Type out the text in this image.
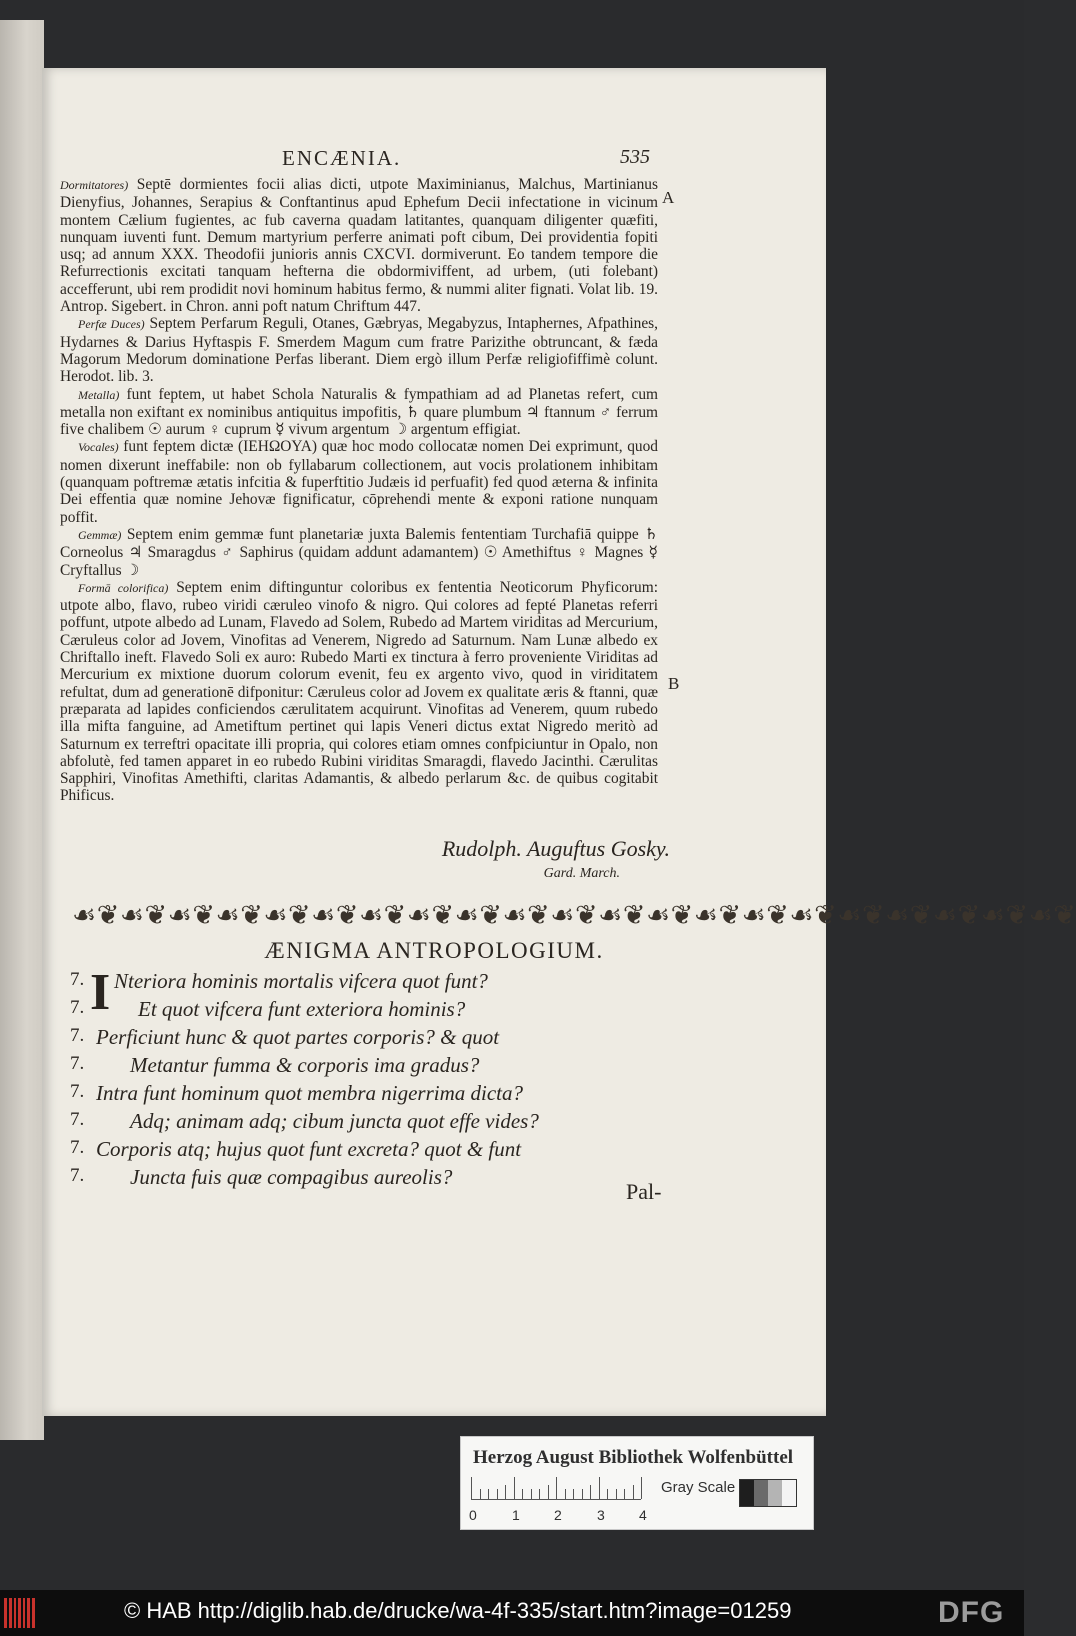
ENCÆNIA.	535

Dormitatores) Septē dormientes focii alias dicti, utpote Maximinianus, Malchus, Martinianus Dienyfius, Johannes, Serapius & Conftantinus apud Ephefum Decii infectatione in vicinum montem Cælium fugientes, ac fub caverna quadam latitantes, quanquam diligenter quæfiti, nunquam iuventi funt. Demum martyrium perferre animati poft cibum, Dei providentia fopiti usq; ad annum XXX. Theodofii junioris annis CXCVI. dormiverunt. Eo tandem tempore die Refurrectionis excitati tanquam hefterna die obdormiviffent, ad urbem, (uti folebant) accefferunt, ubi rem prodidit novi hominum habitus fermo, & nummi aliter fignati. Volat lib. 19. Antrop. Sigebert. in Chron. anni poft natum Chriftum 447.

Perfæ Duces) Septem Perfarum Reguli, Otanes, Gæbryas, Megabyzus, Intaphernes, Afpathines, Hydarnes & Darius Hyftaspis F. Smerdem Magum cum fratre Parizithe obtruncant, & fæda Magorum Medorum dominatione Perfas liberant. Diem ergò illum Perfæ religiofiffimè colunt. Herodot. lib. 3.

Metalla) funt feptem, ut habet Schola Naturalis & fympathiam ad ad Planetas refert, cum metalla non exiftant ex nominibus antiquitus impofitis, ♄ quare plumbum ♃ ftannum ♂ ferrum five chalibem ☉ aurum ♀ cuprum ☿ vivum argentum ☽ argentum effigiat.

Vocales) funt feptem dictæ (IEHΩOYA) quæ hoc modo collocatæ nomen Dei exprimunt, quod nomen dixerunt ineffabile: non ob fyllabarum collectionem, aut vocis prolationem inhibitam (quanquam poftremæ ætatis infcitia & fuperftitio Judæis id perfuafit) fed quod æterna & infinita Dei effentia quæ nomine Jehovæ fignificatur, cōprehendi mente & exponi ratione nunquam poffit.

Gemmæ) Septem enim gemmæ funt planetariæ juxta Balemis fententiam Turchafiā quippe ♄ Corneolus ♃ Smaragdus ♂ Saphirus (quidam addunt adamantem) ☉ Amethiftus ♀ Magnes ☿ Cryftallus ☽

Formā colorifica) Septem enim diftinguntur coloribus ex fententia Neoticorum Phyficorum: utpote albo, flavo, rubeo viridi cæruleo vinofo & nigro. Qui colores ad fepté Planetas referri poffunt, utpote albedo ad Lunam, Flavedo ad Solem, Rubedo ad Martem viriditas ad Mercurium, Cæruleus color ad Jovem, Vinofitas ad Venerem, Nigredo ad Saturnum. Nam Lunæ albedo ex Chriftallo ineft. Flavedo Soli ex auro: Rubedo Marti ex tinctura à ferro proveniente Viriditas ad Mercurium ex mixtione duorum colorum evenit, feu ex argento vivo, quod in viriditatem refultat, dum ad generationē difponitur: Cæruleus color ad Jovem ex qualitate æris & ftanni, quæ præparata ad lapides conficiendos cærulitatem acquirunt. Vinofitas ad Venerem, quum rubedo illa mifta fanguine, ad Ametiftum pertinet qui lapis Veneri dictus extat Nigredo meritò ad Saturnum ex terreftri opacitate illi propria, qui colores etiam omnes confpiciuntur in Opalo, non abfolutè, fed tamen apparet in eo rubedo Rubini viriditas Smaragdi, flavedo Jacinthi. Cærulitas Sapphiri, Vinofitas Amethifti, claritas Adamantis, & albedo perlarum &c. de quibus cogitabit Phificus.

A
B
Rudolph. Auguftus Gosky.
Gard. March.
☙❦☙❦☙❦☙❦☙❦☙❦☙❦☙❦☙❦☙❦☙❦☙❦☙❦☙❦☙❦☙❦☙❦☙❦☙❦☙❦☙❦
ÆNIGMA ANTROPOLOGIUM.
7. I Nteriora hominis mortalis vifcera quot funt?
7.	Et quot vifcera funt exteriora hominis?
7. Perficiunt hunc & quot partes corporis? & quot
7. Metantur fumma & corporis ima gradus?
7. Intra funt hominum quot membra nigerrima dicta?
7. Adq; animam adq; cibum juncta quot effe vides?
7. Corporis atq; hujus quot funt excreta? quot & funt
7. Juncta fuis quæ compagibus aureolis?
Pal-
Herzog August Bibliothek Wolfenbüttel
0	1 2	3 4
Gray Scale
© HAB http://diglib.hab.de/drucke/wa-4f-335/start.htm?image=01259	DFG
